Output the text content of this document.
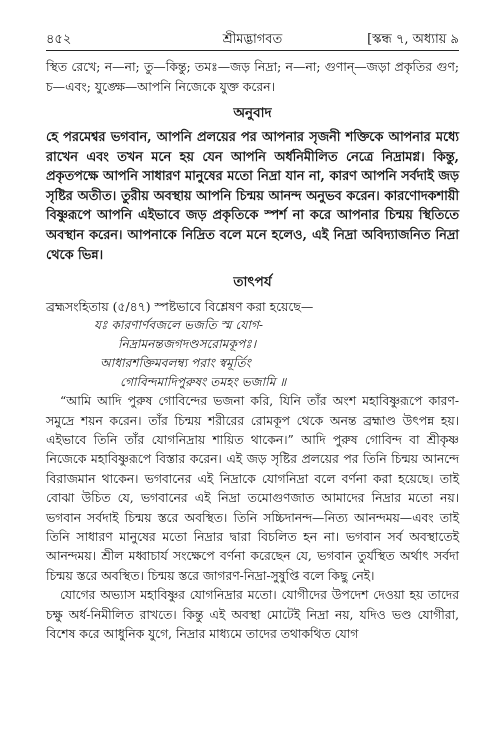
৪৫২	শ্রীমদ্ভাগবত	[স্কন্ধ ৭, অধ্যায় ৯

স্থিত রেখে; ন—না; তু—কিন্তু; তমঃ—জড় নিদ্রা; ন—না; গুণান্—জড়া প্রকৃতির গুণ; চ—এবং; যুঙ্ক্ষে—আপনি নিজেকে যুক্ত করেন।

অনুবাদ

হে পরমেশ্বর ভগবান, আপনি প্রলয়ের পর আপনার সৃজনী শক্তিকে আপনার মধ্যে রাখেন এবং তখন মনে হয় যেন আপনি অর্ধনিমীলিত নেত্রে নিদ্রামগ্ন। কিন্তু, প্রকৃতপক্ষে আপনি সাধারণ মানুষের মতো নিদ্রা যান না, কারণ আপনি সর্বদাই জড় সৃষ্টির অতীত। তুরীয় অবস্থায় আপনি চিন্ময় আনন্দ অনুভব করেন। কারণোদকশায়ী বিষ্ণুরূপে আপনি এইভাবে জড় প্রকৃতিকে স্পর্শ না করে আপনার চিন্ময় স্থিতিতে অবস্থান করেন। আপনাকে নিদ্রিত বলে মনে হলেও, এই নিদ্রা অবিদ্যাজনিত নিদ্রা থেকে ভিন্ন।

তাৎপর্য

ব্রহ্মসংহিতায় (৫/৪৭) স্পষ্টভাবে বিশ্লেষণ করা হয়েছে—

যঃ কারণার্ণবজলে ভজতি স্ম যোগ-
নিদ্রামনন্তজগদণ্ডসরোমকূপঃ।
আধারশক্তিমবলম্ব্য পরাং স্বমূর্তিং
গোবিন্দমাদিপুরুষং তমহং ভজামি ॥

“আমি আদি পুরুষ গোবিন্দের ভজনা করি, যিনি তাঁর অংশ মহাবিষ্ণুরূপে কারণ-সমুদ্রে শয়ন করেন। তাঁর চিন্ময় শরীরের রোমকূপ থেকে অনন্ত ব্রহ্মাণ্ড উৎপন্ন হয়। এইভাবে তিনি তাঁর যোগনিদ্রায় শায়িত থাকেন।” আদি পুরুষ গোবিন্দ বা শ্রীকৃষ্ণ নিজেকে মহাবিষ্ণুরূপে বিস্তার করেন। এই জড় সৃষ্টির প্রলয়ের পর তিনি চিন্ময় আনন্দে বিরাজমান থাকেন। ভগবানের এই নিদ্রাকে যোগনিদ্রা বলে বর্ণনা করা হয়েছে। তাই বোঝা উচিত যে, ভগবানের এই নিদ্রা তমোগুণজাত আমাদের নিদ্রার মতো নয়। ভগবান সর্বদাই চিন্ময় স্তরে অবস্থিত। তিনি সচ্চিদানন্দ—নিত্য আনন্দময়—এবং তাই তিনি সাধারণ মানুষের মতো নিদ্রার দ্বারা বিচলিত হন না। ভগবান সর্ব অবস্থাতেই আনন্দময়। শ্রীল মধ্বাচার্য সংক্ষেপে বর্ণনা করেছেন যে, ভগবান তুর্যস্থিত অর্থাৎ সর্বদা চিন্ময় স্তরে অবস্থিত। চিন্ময় স্তরে জাগরণ-নিদ্রা-সুষুপ্তি বলে কিছু নেই।

যোগের অভ্যাস মহাবিষ্ণুর যোগনিদ্রার মতো। যোগীদের উপদেশ দেওয়া হয় তাদের চক্ষু অর্ধ-নিমীলিত রাখতে। কিন্তু এই অবস্থা মোটেই নিদ্রা নয়, যদিও ভণ্ড যোগীরা, বিশেষ করে আধুনিক যুগে, নিদ্রার মাধ্যমে তাদের তথাকথিত যোগ
